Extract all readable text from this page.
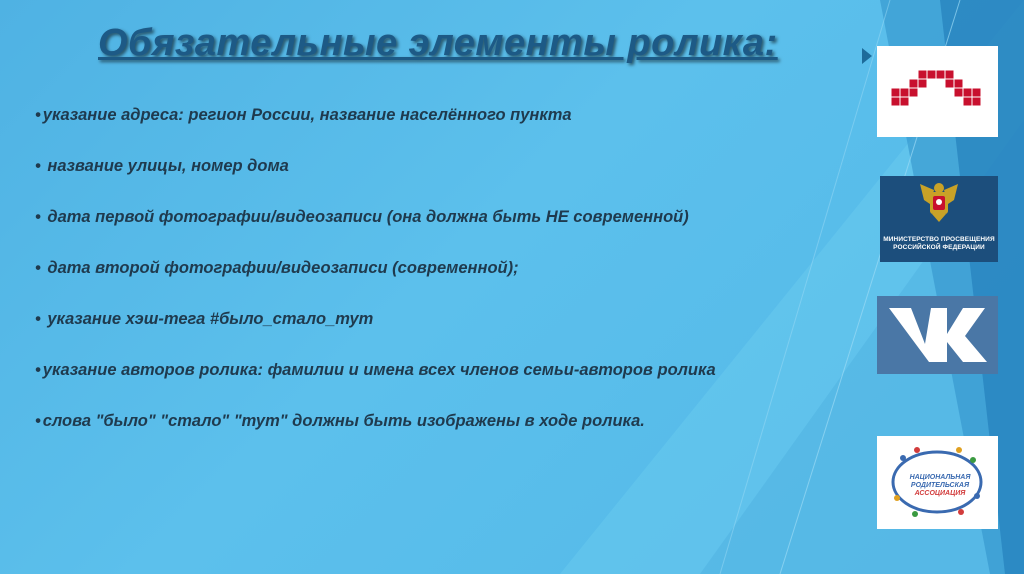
Обязательные элементы ролика:
• указание адреса: регион России, название населённого пункта
• название улицы, номер дома
• дата первой фотографии/видеозаписи (она должна быть НЕ современной)
• дата второй фотографии/видеозаписи (современной);
• указание хэш-тега #было_стало_тут
• указание авторов ролика: фамилии и имена всех членов семьи-авторов ролика
• слова "было" "стало" "тут" должны быть изображены в ходе ролика.
МИНИСТЕРСТВО ПРОСВЕЩЕНИЯ
РОССИЙСКОЙ ФЕДЕРАЦИИ
НАЦИОНАЛЬНАЯ
РОДИТЕЛЬСКАЯ
АССОЦИАЦИЯ
